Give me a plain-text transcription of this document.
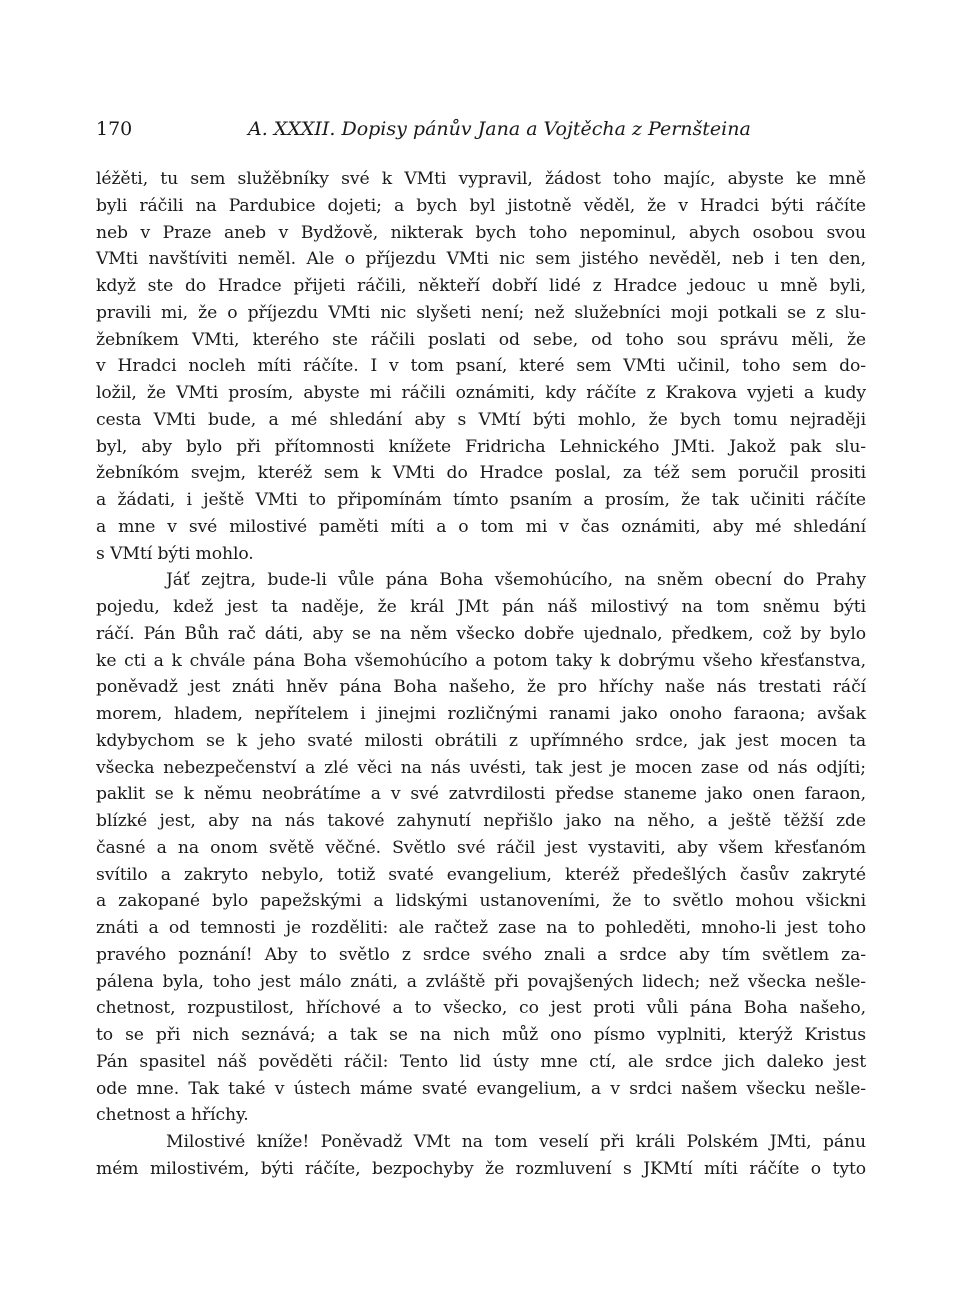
170	A. XXXII. Dopisy pánův Jana a Vojtěcha z Pernšteina
léžěti, tu sem služěbníky své k VMti vypravil, žádost toho majíc, abyste ke mně
byli ráčili na Pardubice dojeti; a bych byl jistotně věděl, že v Hradci býti ráčíte
neb v Praze aneb v Bydžově, nikterak bych toho nepominul, abych osobou svou
VMti navštíviti neměl. Ale o příjezdu VMti nic sem jistého nevěděl, neb i ten den,
když ste do Hradce přijeti ráčili, někteří dobří lidé z Hradce jedouc u mně byli,
pravili mi, že o příjezdu VMti nic slyšeti není; než služebníci moji potkali se z slu-
žebníkem VMti, kterého ste ráčili poslati od sebe, od toho sou správu měli, že
v Hradci nocleh míti ráčíte. I v tom psaní, které sem VMti učinil, toho sem do-
ložil, že VMti prosím, abyste mi ráčili oznámiti, kdy ráčíte z Krakova vyjeti a kudy
cesta VMti bude, a mé shledání aby s VMtí býti mohlo, že bych tomu nejraději
byl, aby bylo při přítomnosti knížete Fridricha Lehnického JMti. Jakož pak slu-
žebníkóm svejm, kteréž sem k VMti do Hradce poslal, za též sem poručil prositi
a žádati, i ještě VMti to připomínám tímto psaním a prosím, že tak učiniti ráčíte
a mne v své milostivé paměti míti a o tom mi v čas oznámiti, aby mé shledání
s VMtí býti mohlo.
Jáť zejtra, bude-li vůle pána Boha všemohúcího, na sněm obecní do Prahy
pojedu, kdež jest ta naděje, že král JMt pán náš milostivý na tom sněmu býti
ráčí. Pán Bůh rač dáti, aby se na něm všecko dobře ujednalo, předkem, což by bylo
ke cti a k chvále pána Boha všemohúcího a potom taky k dobrýmu všeho křesťanstva,
poněvadž jest znáti hněv pána Boha našeho, že pro hříchy naše nás trestati ráčí
morem, hladem, nepřítelem i jinejmi rozličnými ranami jako onoho faraona; avšak
kdybychom se k jeho svaté milosti obrátili z upřímného srdce, jak jest mocen ta
všecka nebezpečenství a zlé věci na nás uvésti, tak jest je mocen zase od nás odjíti;
paklit se k němu neobrátíme a v své zatvrdilosti předse staneme jako onen faraon,
blízké jest, aby na nás takové zahynutí nepřišlo jako na něho, a ještě těžší zde
časné a na onom světě věčné. Světlo své ráčil jest vystaviti, aby všem křesťanóm
svítilo a zakryto nebylo, totiž svaté evangelium, kteréž předešlých časův zakryté
a zakopané bylo papežskými a lidskými ustanoveními, že to světlo mohou všickni
znáti a od temnosti je rozděliti: ale račtež zase na to pohleděti, mnoho-li jest toho
pravého poznání! Aby to světlo z srdce svého znali a srdce aby tím světlem za-
pálena byla, toho jest málo znáti, a zvláště při povajšených lidech; než všecka nešle-
chetnost, rozpustilost, hříchové a to všecko, co jest proti vůli pána Boha našeho,
to se při nich seznává; a tak se na nich můž ono písmo vyplniti, kterýž Kristus
Pán spasitel náš pověděti ráčil: Tento lid ústy mne ctí, ale srdce jich daleko jest
ode mne. Tak také v ústech máme svaté evangelium, a v srdci našem všecku nešle-
chetnost a hříchy.
Milostivé kníže! Poněvadž VMt na tom veselí při králi Polském JMti, pánu
mém milostivém, býti ráčíte, bezpochyby že rozmluvení s JKMtí míti ráčíte o tyto
